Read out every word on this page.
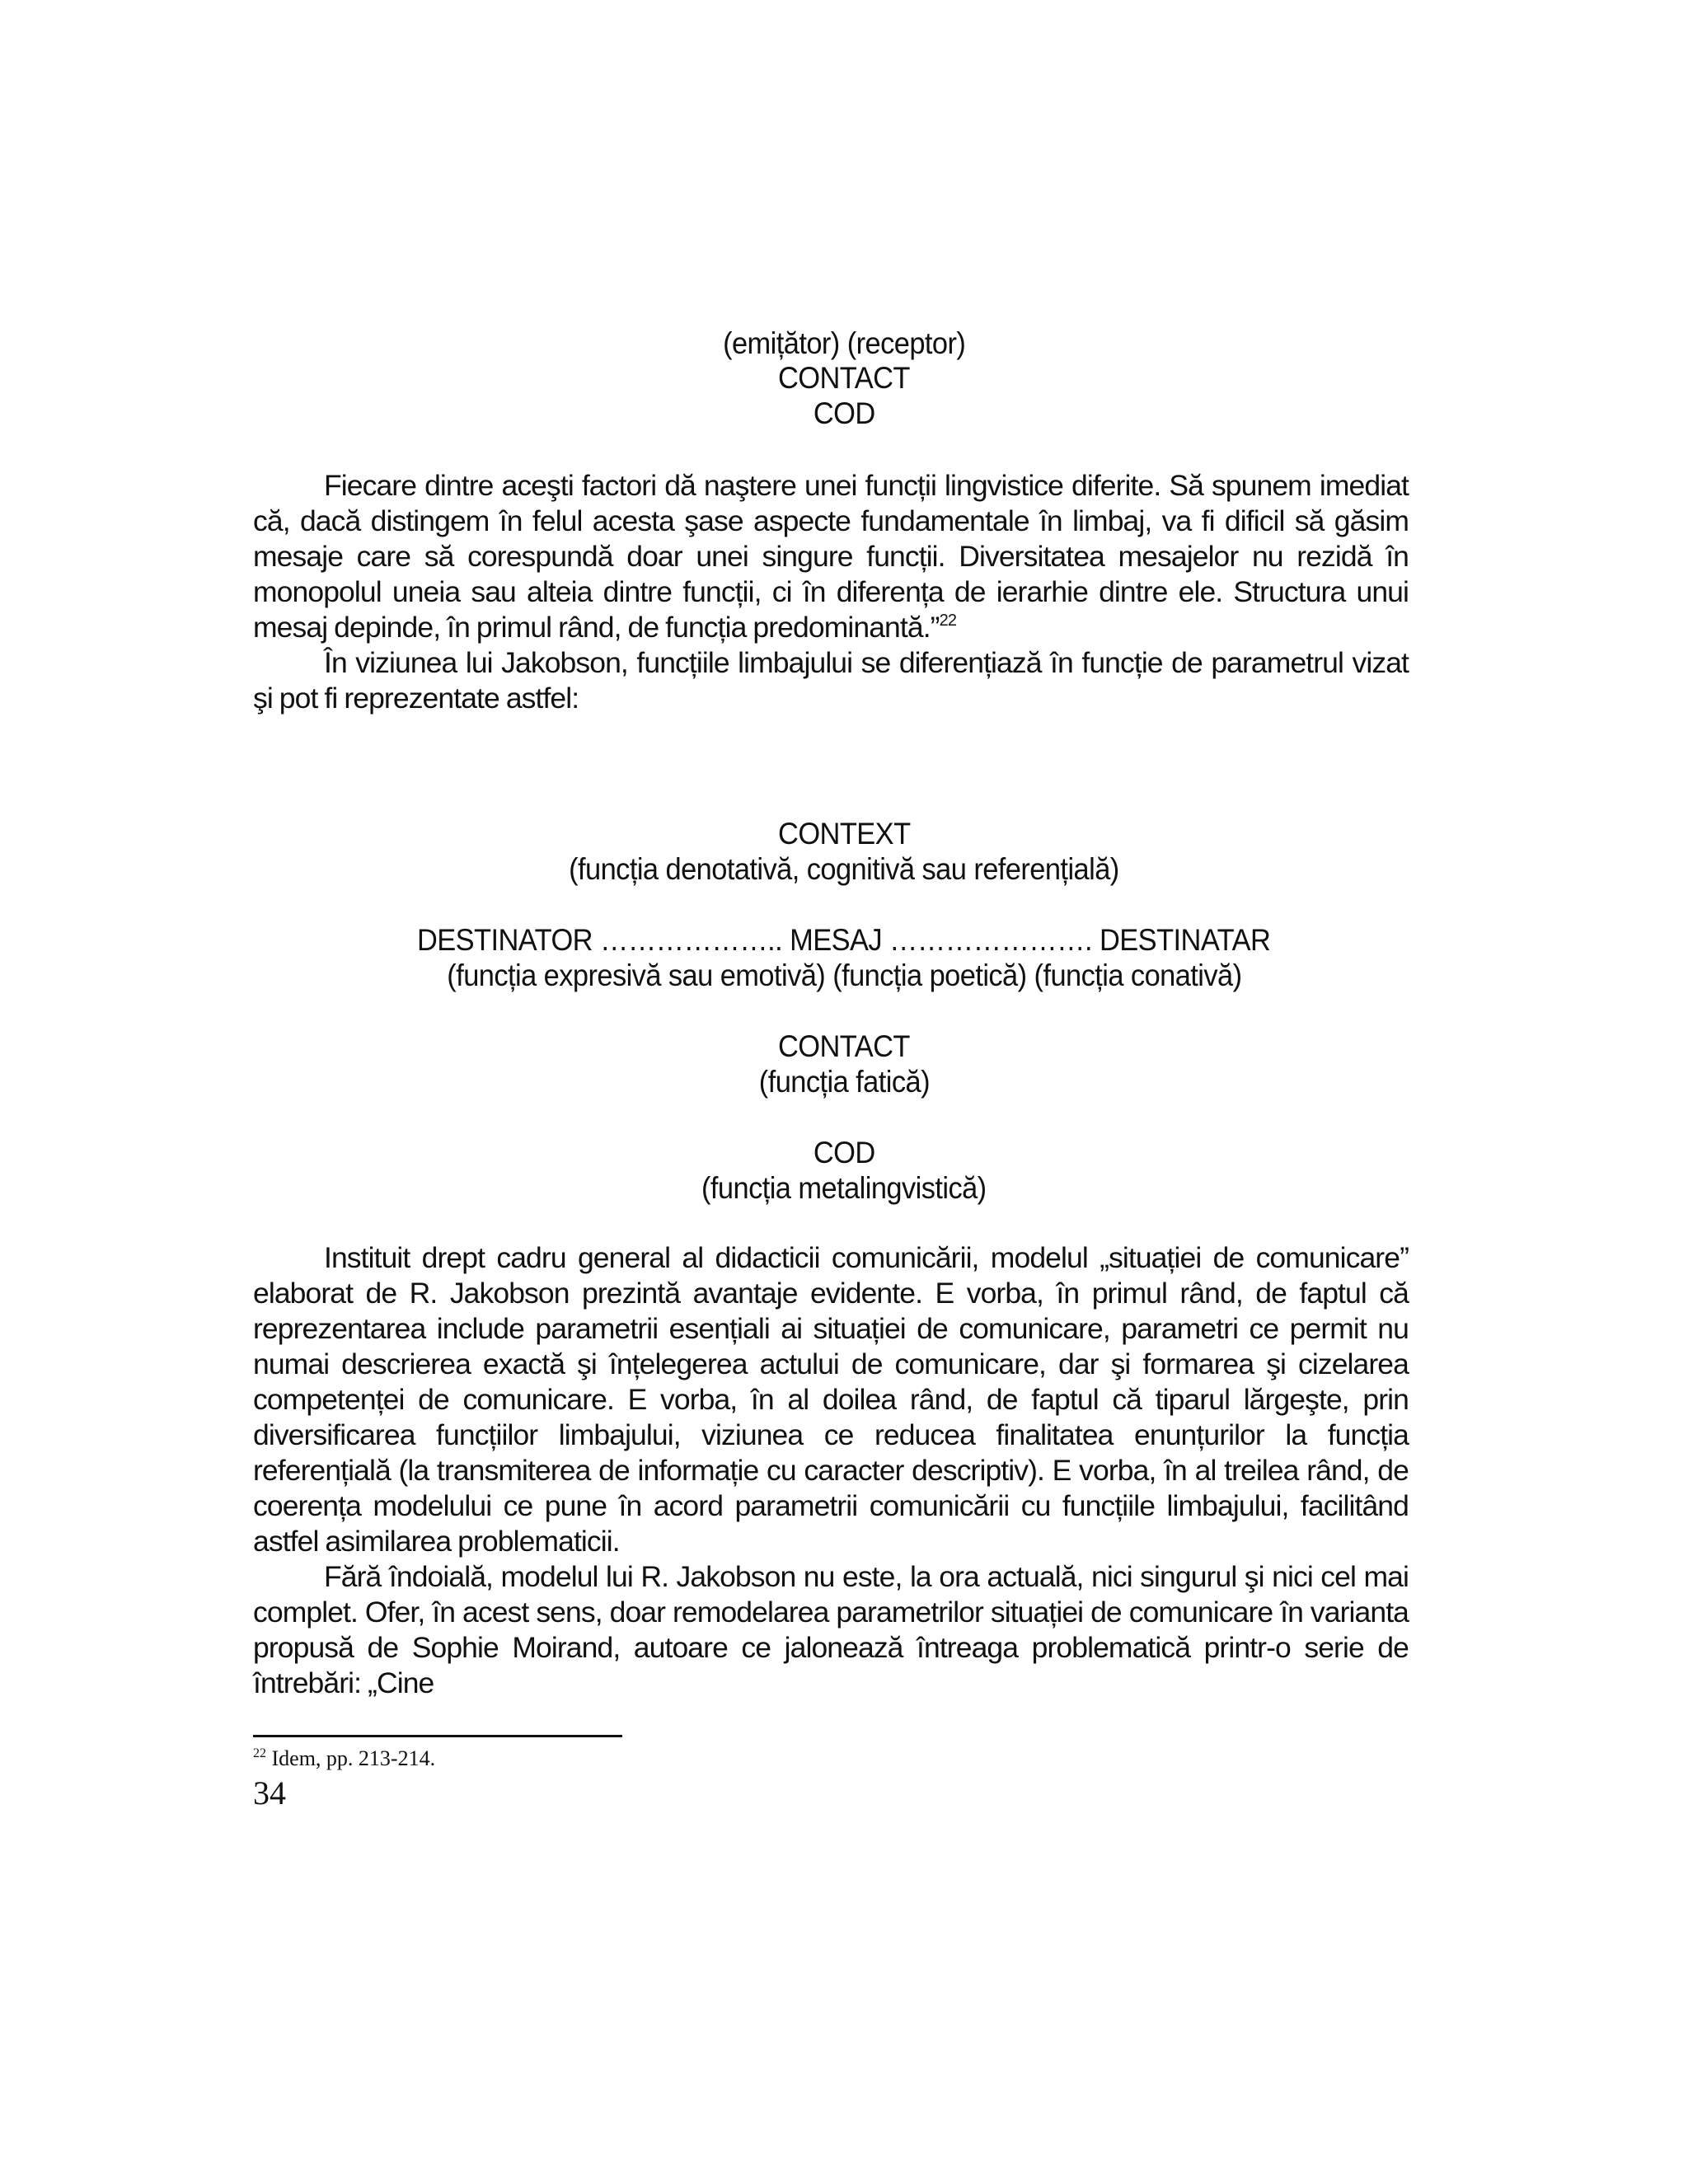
(emițător) (receptor)
CONTACT
COD

Fiecare dintre aceşti factori dă naştere unei funcții lingvistice diferite. Să spunem imediat că, dacă distingem în felul acesta şase aspecte fundamentale în limbaj, va fi dificil să găsim mesaje care să corespundă doar unei singure funcții. Diversitatea mesajelor nu rezidă în monopolul uneia sau alteia dintre funcții, ci în diferența de ierarhie dintre ele. Structura unui mesaj depinde, în primul rând, de funcția predominantă.”$^{22}$

În viziunea lui Jakobson, funcțiile limbajului se diferențiază în funcție de parametrul vizat şi pot fi reprezentate astfel:

CONTEXT
(funcția denotativă, cognitivă sau referențială)
DESTINATOR ……………….. MESAJ …………………. DESTINATAR
(funcția expresivă sau emotivă) (funcția poetică) (funcția conativă)
CONTACT
(funcția fatică)
COD
(funcția metalingvistică)

Instituit drept cadru general al didacticii comunicării, modelul „situației de comunicare” elaborat de R. Jakobson prezintă avantaje evidente. E vorba, în primul rând, de faptul că reprezentarea include parametrii esențiali ai situației de comunicare, parametri ce permit nu numai descrierea exactă şi înțelegerea actului de comunicare, dar şi formarea şi cizelarea competenței de comunicare. E vorba, în al doilea rând, de faptul că tiparul lărgeşte, prin diversificarea funcțiilor limbajului, viziunea ce reducea finalitatea enunțurilor la funcția referențială (la transmiterea de informație cu caracter descriptiv). E vorba, în al treilea rând, de coerența modelului ce pune în acord parametrii comunicării cu funcțiile limbajului, facilitând astfel asimilarea problematicii.

Fără îndoială, modelul lui R. Jakobson nu este, la ora actuală, nici singurul şi nici cel mai complet. Ofer, în acest sens, doar remodelarea parametrilor situației de comunicare în varianta propusă de Sophie Moirand, autoare ce jalonează întreaga problematică printr-o serie de întrebări: „Cine

$^{22}$ Idem, pp. 213-214.
34
